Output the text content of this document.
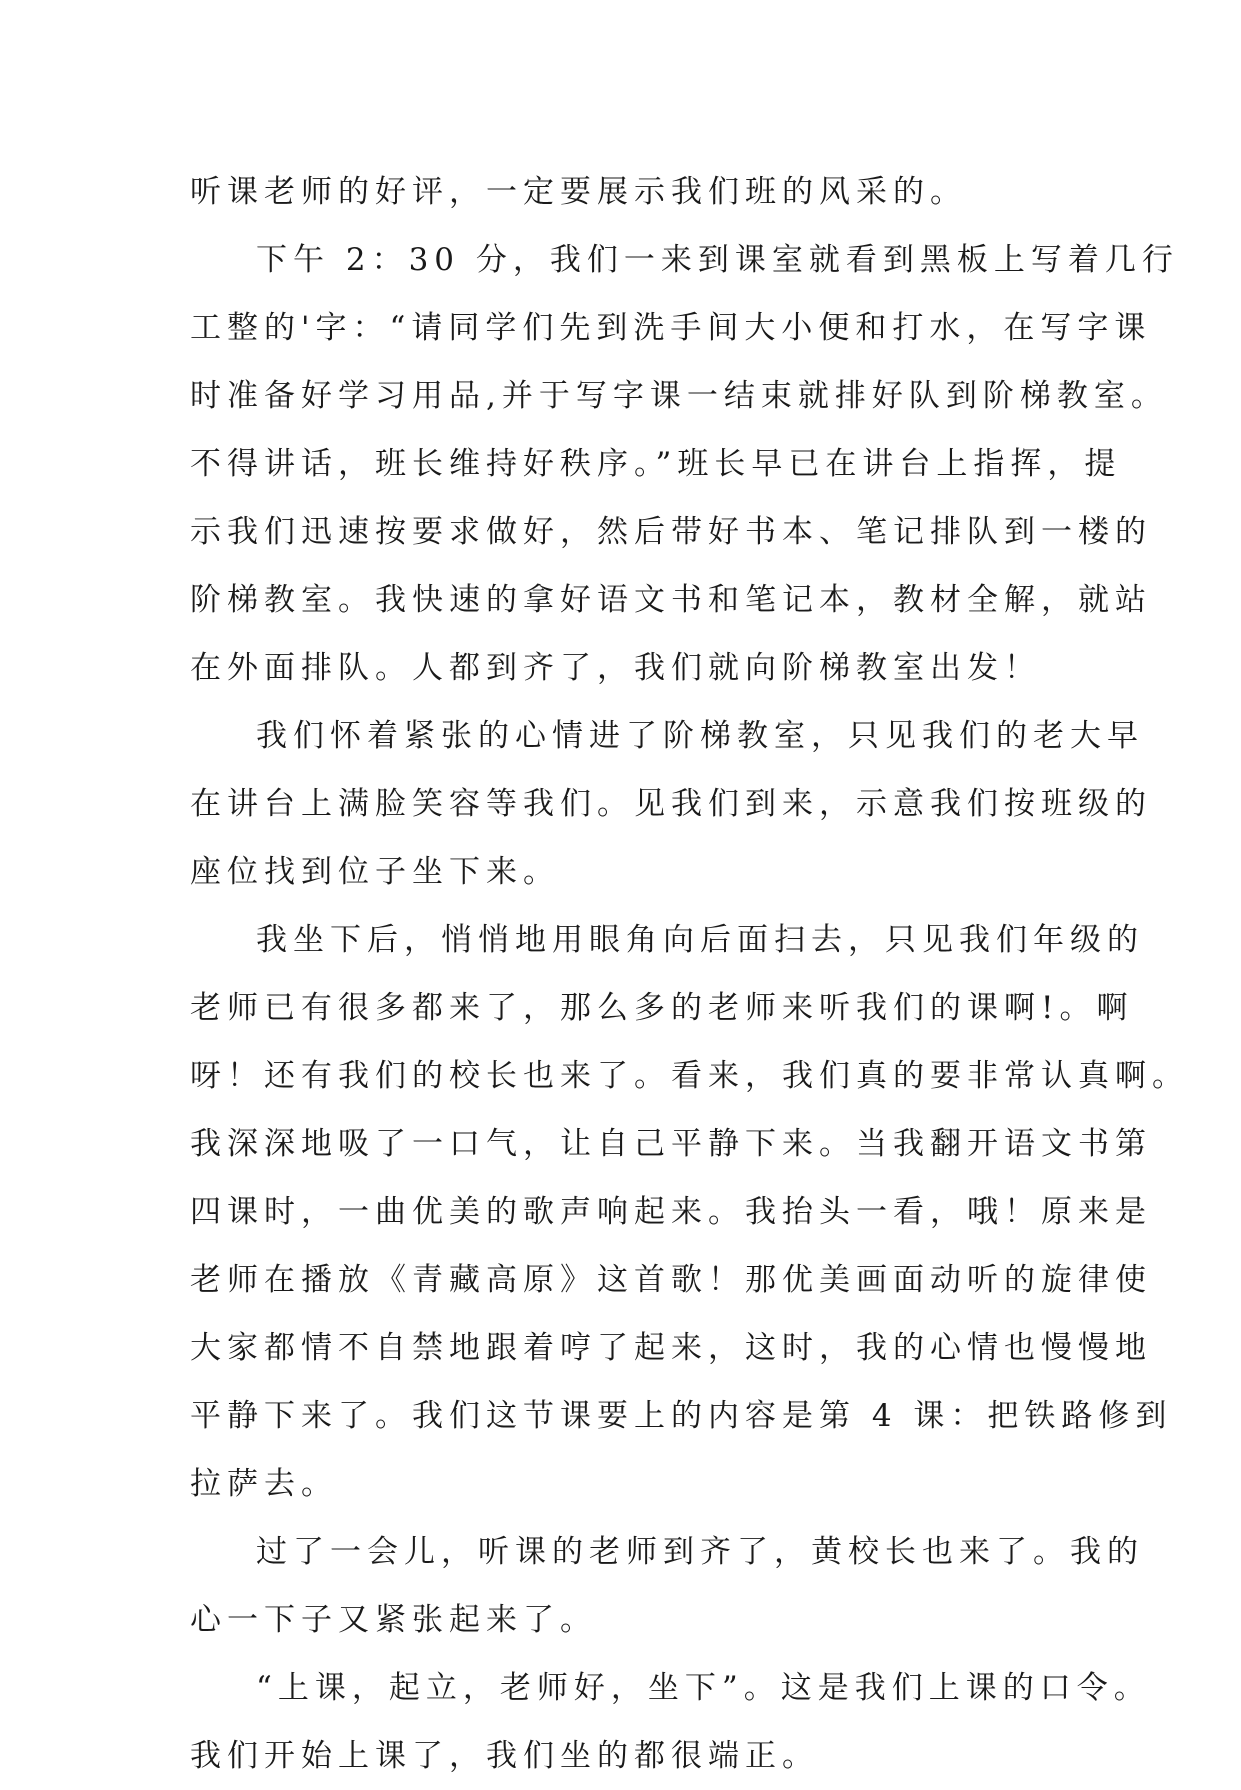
听课老师的好评，一定要展示我们班的风采的。
下午 2：30 分，我们一来到课室就看到黑板上写着几行
工整的'字：“请同学们先到洗手间大小便和打水，在写字课
时准备好学习用品,并于写字课一结束就排好队到阶梯教室。
不得讲话，班长维持好秩序。”班长早已在讲台上指挥，提
示我们迅速按要求做好，然后带好书本、笔记排队到一楼的
阶梯教室。我快速的拿好语文书和笔记本，教材全解，就站
在外面排队。人都到齐了，我们就向阶梯教室出发！
我们怀着紧张的心情进了阶梯教室，只见我们的老大早
在讲台上满脸笑容等我们。见我们到来，示意我们按班级的
座位找到位子坐下来。
我坐下后，悄悄地用眼角向后面扫去，只见我们年级的
老师已有很多都来了，那么多的老师来听我们的课啊!。啊
呀！还有我们的校长也来了。看来，我们真的要非常认真啊。
我深深地吸了一口气，让自己平静下来。当我翻开语文书第
四课时，一曲优美的歌声响起来。我抬头一看，哦！原来是
老师在播放《青藏高原》这首歌！那优美画面动听的旋律使
大家都情不自禁地跟着哼了起来，这时，我的心情也慢慢地
平静下来了。我们这节课要上的内容是第 4 课：把铁路修到
拉萨去。
过了一会儿，听课的老师到齐了，黄校长也来了。我的
心一下子又紧张起来了。
“上课，起立，老师好，坐下”。这是我们上课的口令。
我们开始上课了，我们坐的都很端正。
